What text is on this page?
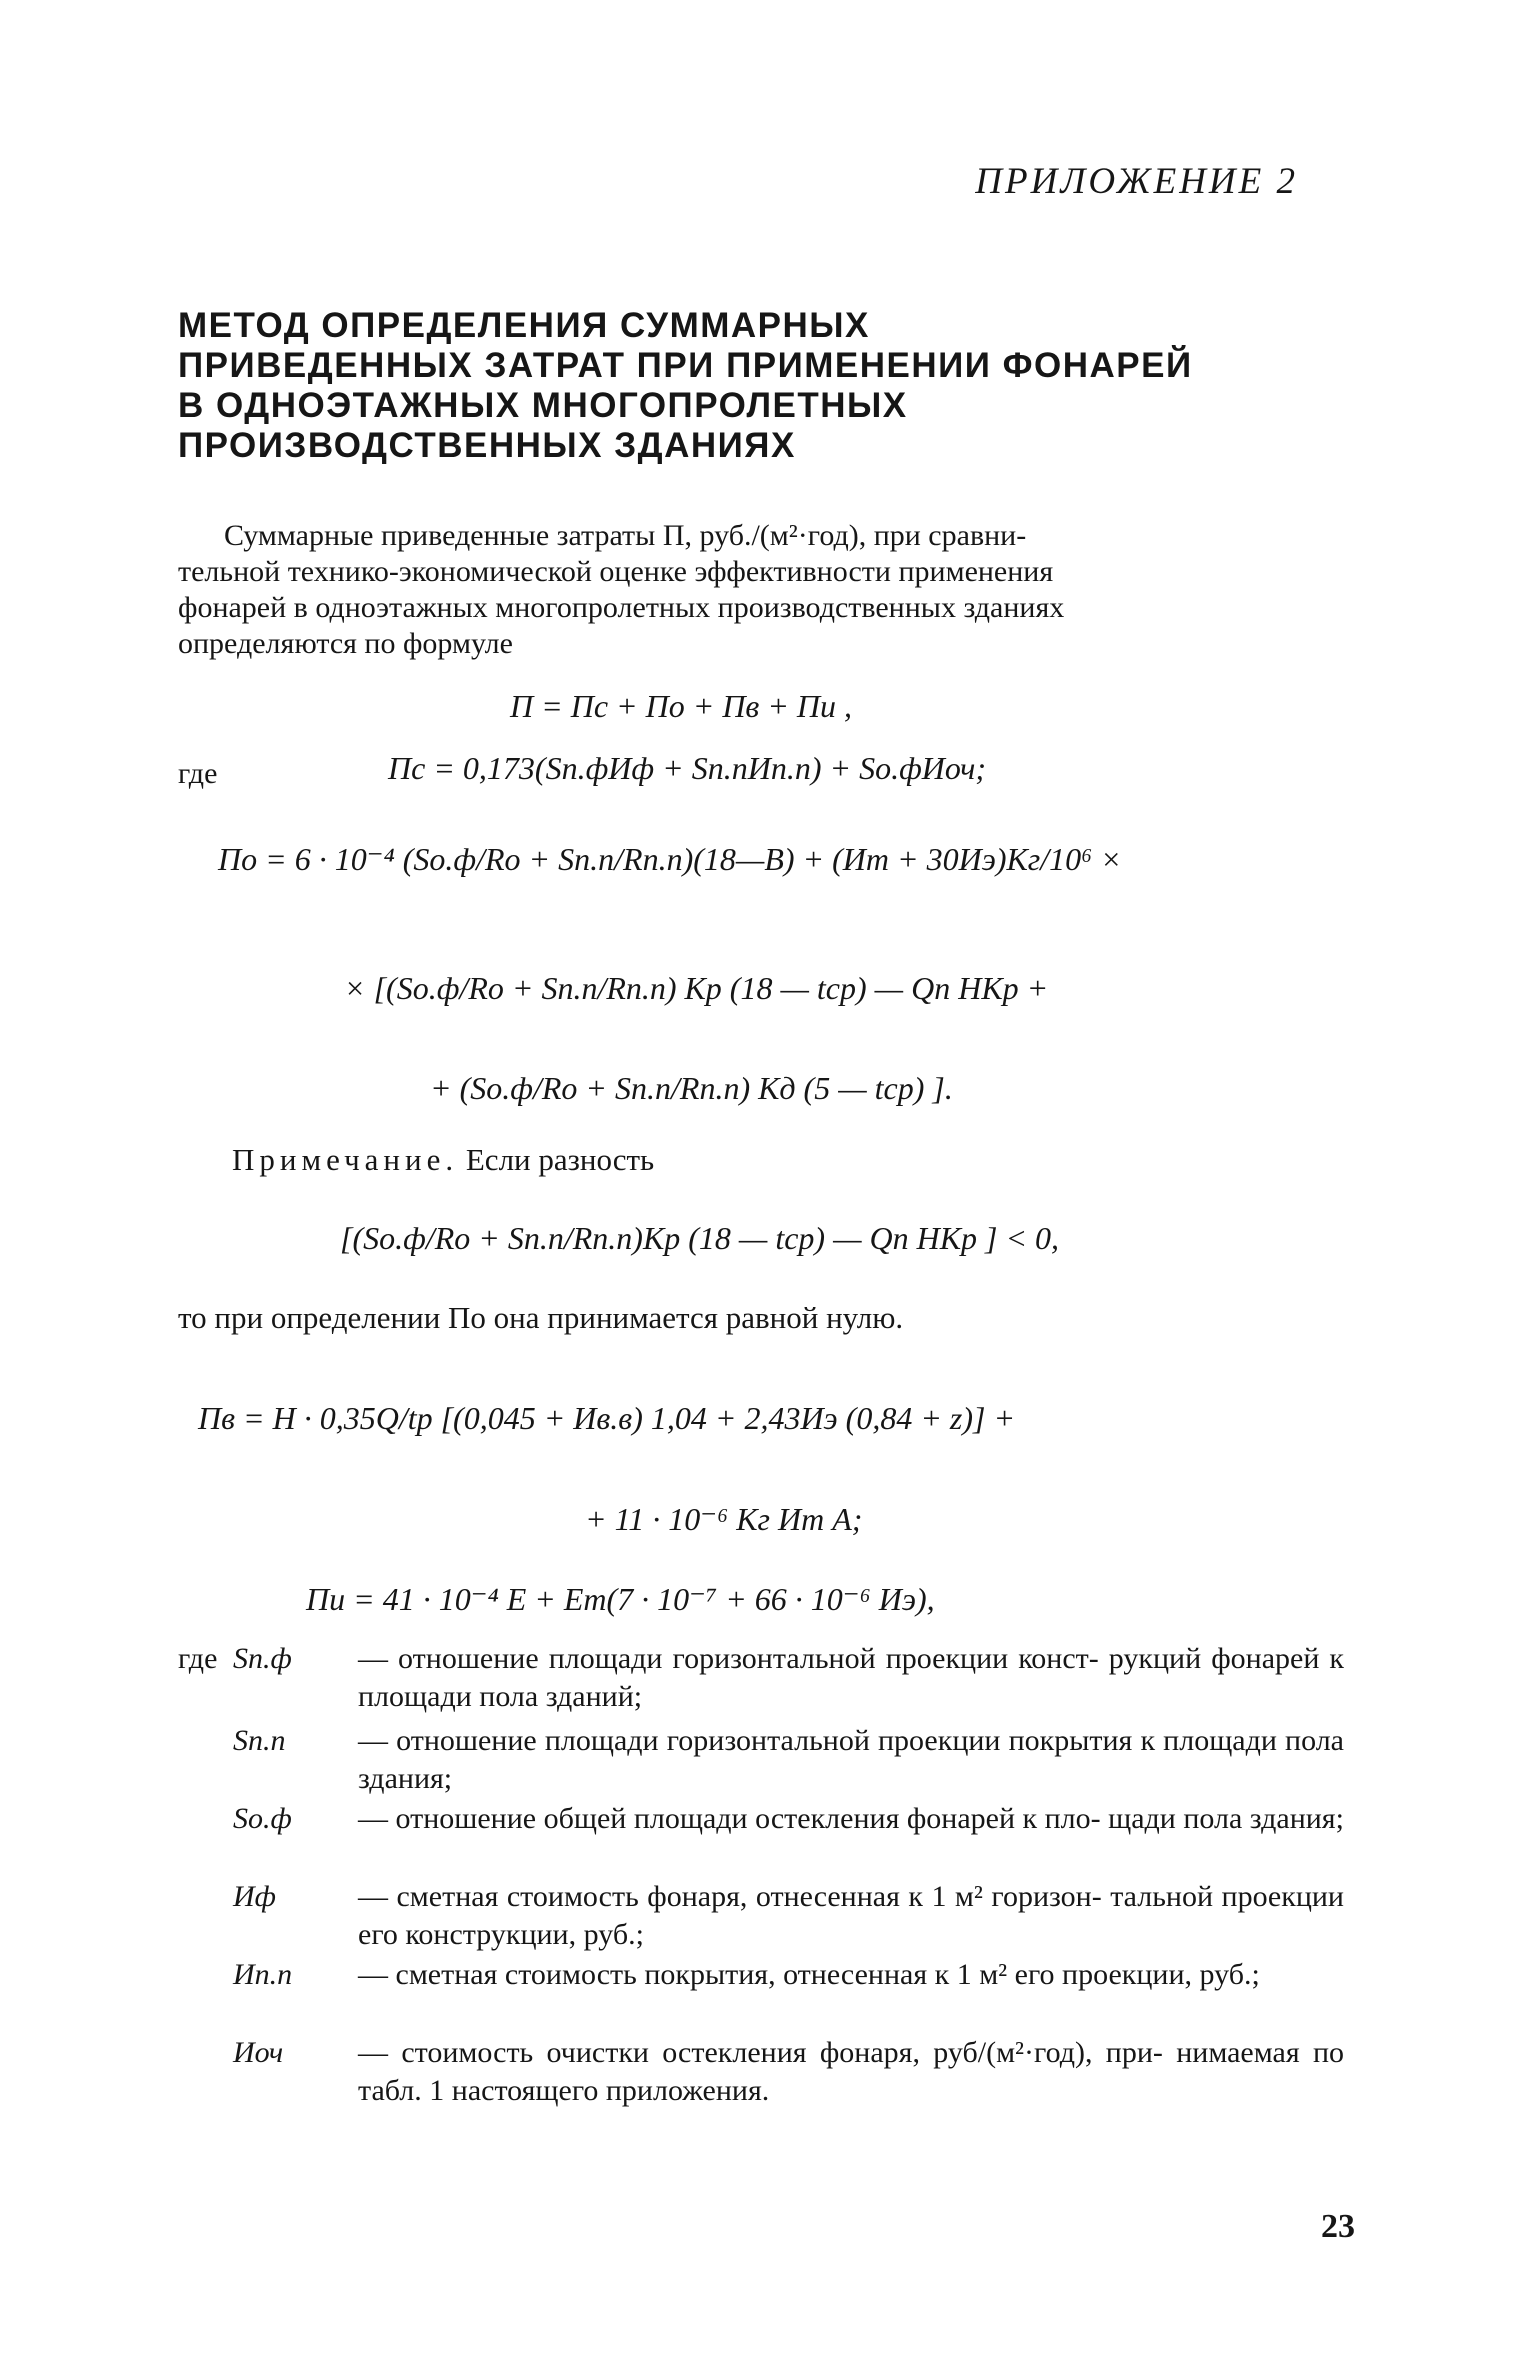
ПРИЛОЖЕНИЕ 2
МЕТОД ОПРЕДЕЛЕНИЯ СУММАРНЫХ
ПРИВЕДЕННЫХ ЗАТРАТ ПРИ ПРИМЕНЕНИИ ФОНАРЕЙ
В ОДНОЭТАЖНЫХ МНОГОПРОЛЕТНЫХ
ПРОИЗВОДСТВЕННЫХ ЗДАНИЯХ
Суммарные приведенные затраты П, руб./(м²·год), при сравни-
тельной технико-экономической оценке эффективности применения
фонарей в одноэтажных многопролетных производственных зданиях
определяются по формуле
П = Пс + По + Пв + Пи ,
где	Пс = 0,173(Sп.фИф + Sп.пИп.п) + Sо.фИоч;
По = 6 · 10⁻⁴ (Sо.ф/Rо + Sп.п/Rп.п)(18—B) + (Ит + 30Иэ)Кг/10⁶ ×
× [(Sо.ф/Rо + Sп.п/Rп.п) Кр (18 — tср) — Qп НКр +
+ (Sо.ф/Rо + Sп.п/Rп.п) Кд (5 — tср) ].
Примечание. Если разность
[(Sо.ф/Rо + Sп.п/Rп.п)Кр (18 — tср) — Qп НКр ] < 0,
то при определении По она принимается равной нулю.
Пв = Н · 0,35Q/tр [(0,045 + Ив.в) 1,04 + 2,43Иэ (0,84 + z)] +
+ 11 · 10⁻⁶ Кг Ит А;
Пи = 41 · 10⁻⁴ Е + Ет(7 · 10⁻⁷ + 66 · 10⁻⁶ Иэ),
где Sп.ф — отношение площади горизонтальной проекции конст- рукций фонарей к площади пола зданий;
Sп.п — отношение площади горизонтальной проекции покрытия к площади пола здания;
Sо.ф — отношение общей площади остекления фонарей к пло- щади пола здания;
Иф	— сметная стоимость фонаря, отнесенная к 1 м² горизон- тальной проекции его конструкции, руб.;
Ип.п — сметная стоимость покрытия, отнесенная к 1 м² его проекции, руб.;
Иоч — стоимость очистки остекления фонаря, руб/(м²·год), при- нимаемая по табл. 1 настоящего приложения.
23
